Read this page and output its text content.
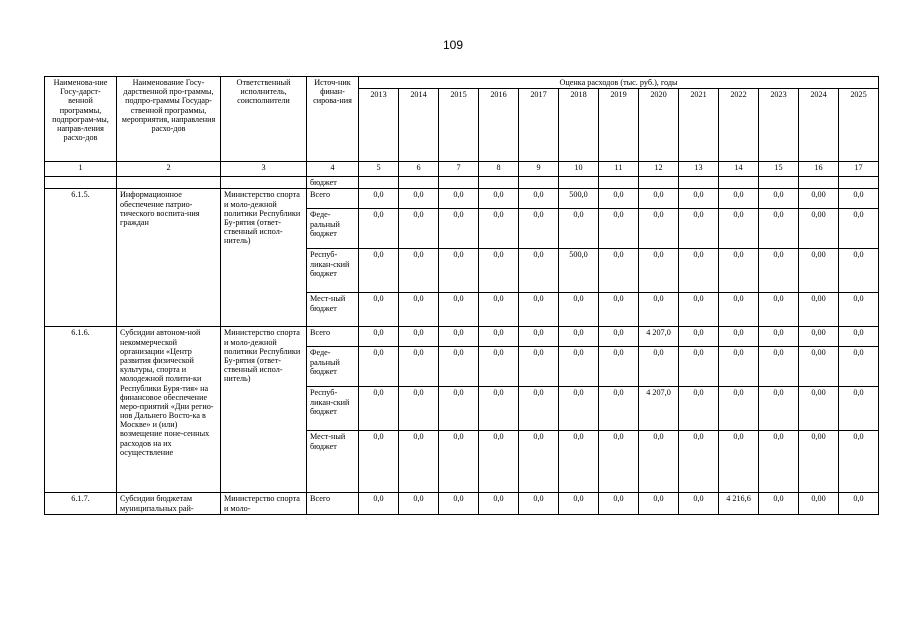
109
Наименова-ние Госу-дарст-венной программы, подпрограм-мы, направ-ления расхо-дов	Наименование Госу-дарственной про-граммы, подпро-граммы Государ-ственной программы, мероприятия, направления расхо-дов	Ответственный исполнитель, соисполнители	Источ-ник финан-сирова-ния	Оценка расходов (тыс. руб.), годы												
				2013	2014	2015	2016	2017	2018	2019	2020	2021	2022	2023	2024	2025
1	2	3	4	5	6	7	8	9	10	11	12	13	14	15	16	17
			бюджет													
6.1.5.	Информационное обеспечение патрио-тического воспита-ния граждан	Министерство спорта и моло-дежной политики Республики Бу-рятия (ответ-ственный испол-нитель)	Всего	0,0	0,0	0,0	0,0	0,0	500,0	0,0	0,0	0,0	0,0	0,0	0,00	0,0
			Феде-ральный бюджет	0,0	0,0	0,0	0,0	0,0	0,0	0,0	0,0	0,0	0,0	0,0	0,00	0,0
			Респуб-ликан-ский бюджет	0,0	0,0	0,0	0,0	0,0	500,0	0,0	0,0	0,0	0,0	0,0	0,00	0,0
			Мест-ный бюджет	0,0	0,0	0,0	0,0	0,0	0,0	0,0	0,0	0,0	0,0	0,0	0,00	0,0
6.1.6.	Субсидии автоном-ной некоммерческой организации «Центр развития физической культуры, спорта и молодежной полити-ки Республики Буря-тия» на финансовое обеспечение меро-приятий «Дни регио-нов Дальнего Восто-ка в Москве» и (или) возмещение поне-сенных расходов на их осуществление	Министерство спорта и моло-дежной политики Республики Бу-рятия (ответ-ственный испол-нитель)	Всего	0,0	0,0	0,0	0,0	0,0	0,0	0,0	4 207,0	0,0	0,0	0,0	0,00	0,0
			Феде-ральный бюджет	0,0	0,0	0,0	0,0	0,0	0,0	0,0	0,0	0,0	0,0	0,0	0,00	0,0
			Респуб-ликан-ский бюджет	0,0	0,0	0,0	0,0	0,0	0,0	0,0	4 207,0	0,0	0,0	0,0	0,00	0,0
			Мест-ный бюджет	0,0	0,0	0,0	0,0	0,0	0,0	0,0	0,0	0,0	0,0	0,0	0,00	0,0
6.1.7.	Субсидии бюджетам муниципальных рай-	Министерство спорта и моло-	Всего	0,0	0,0	0,0	0,0	0,0	0,0	0,0	0,0	0,0	4 216,6	0,0	0,00	0,0
